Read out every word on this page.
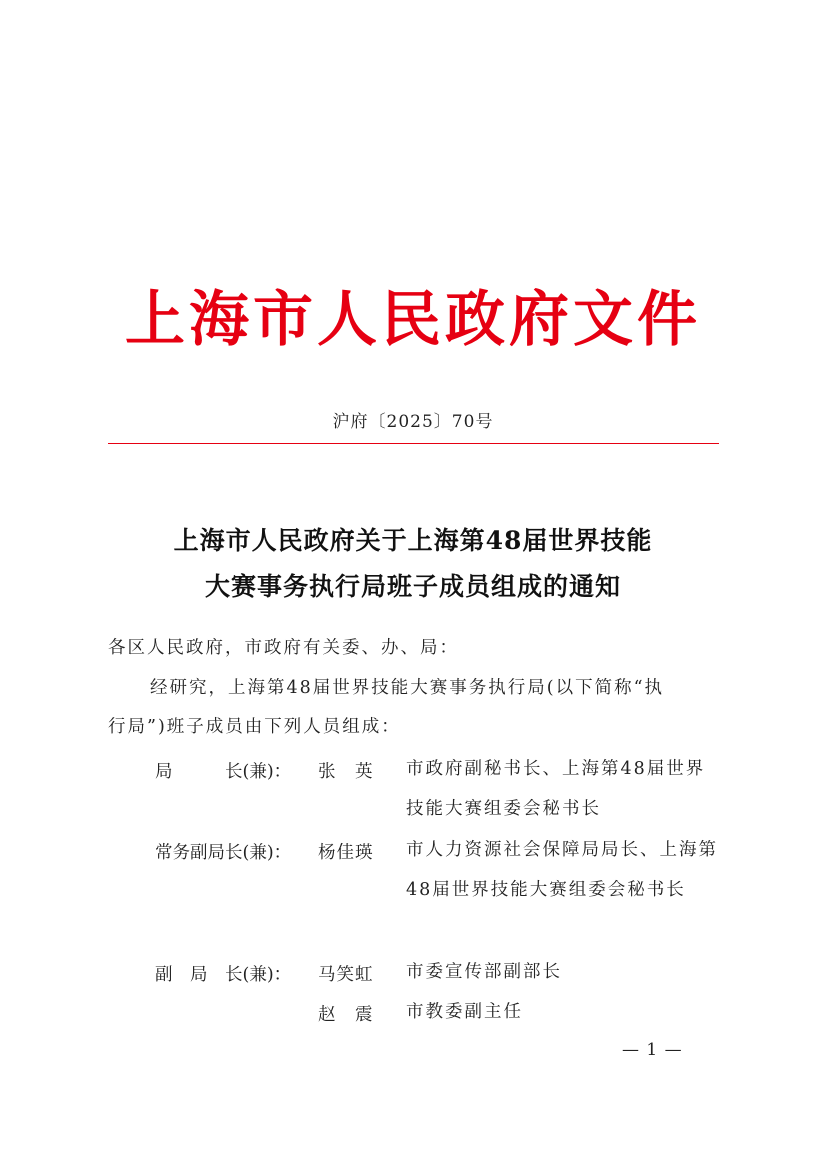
上海市人民政府文件
沪府〔2025〕70号
上海市人民政府关于上海第48届世界技能
大赛事务执行局班子成员组成的通知
各区人民政府，市政府有关委、办、局：
经研究，上海第48届世界技能大赛事务执行局(以下简称“执
行局”)班子成员由下列人员组成：
局　　　长(兼)： 张　英 市政府副秘书长、上海第48届世界技能大赛组委会秘书长
常务副局长(兼)： 杨佳瑛 市人力资源社会保障局局长、上海第48届世界技能大赛组委会秘书长
副　局　长(兼)： 马笑虹 市委宣传部副部长
赵　震 市教委副主任
— 1 —
